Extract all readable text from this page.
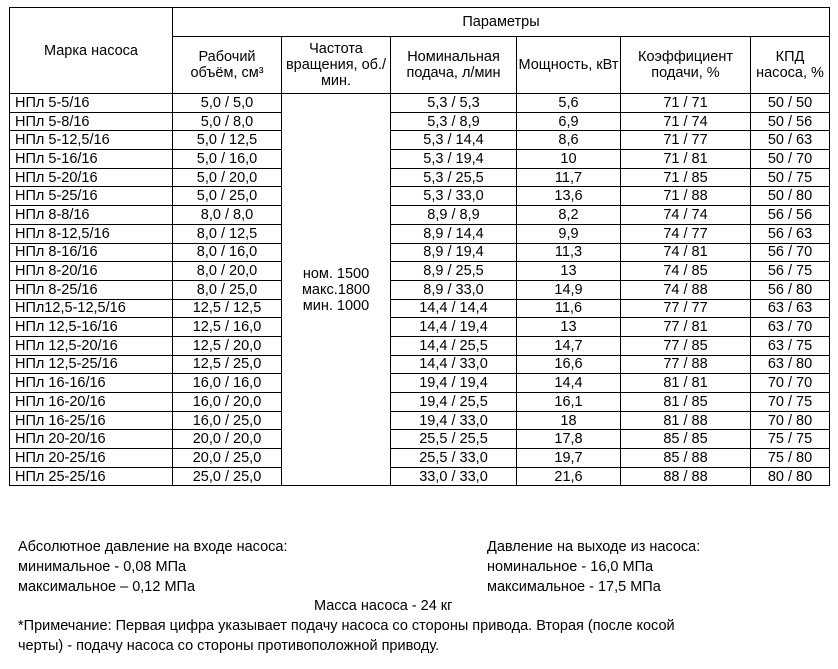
Марка насоса	Параметры					
	Рабочий объём, см³	Частота вращения, об./мин.	Номинальная подача, л/мин	Мощность, кВт	Коэффициент подачи, %	КПД насоса, %
НПл 5-5/16	5,0 / 5,0	ном. 1500
макс.1800
мин. 1000	5,3 / 5,3	5,6	71 / 71	50 / 50
НПл 5-8/16	5,0 / 8,0		5,3 / 8,9	6,9	71 / 74	50 / 56
НПл 5-12,5/16	5,0 / 12,5		5,3 / 14,4	8,6	71 / 77	50 / 63
НПл 5-16/16	5,0 / 16,0		5,3 / 19,4	10	71 / 81	50 / 70
НПл 5-20/16	5,0 / 20,0		5,3 / 25,5	11,7	71 / 85	50 / 75
НПл 5-25/16	5,0 / 25,0		5,3 / 33,0	13,6	71 / 88	50 / 80
НПл 8-8/16	8,0 / 8,0		8,9 / 8,9	8,2	74 / 74	56 / 56
НПл 8-12,5/16	8,0 / 12,5		8,9 / 14,4	9,9	74 / 77	56 / 63
НПл 8-16/16	8,0 / 16,0		8,9 / 19,4	11,3	74 / 81	56 / 70
НПл 8-20/16	8,0 / 20,0		8,9 / 25,5	13	74 / 85	56 / 75
НПл 8-25/16	8,0 / 25,0		8,9 / 33,0	14,9	74 / 88	56 / 80
НПл12,5-12,5/16	12,5 / 12,5		14,4 / 14,4	11,6	77 / 77	63 / 63
НПл 12,5-16/16	12,5 / 16,0		14,4 / 19,4	13	77 / 81	63 / 70
НПл 12,5-20/16	12,5 / 20,0		14,4 / 25,5	14,7	77 / 85	63 / 75
НПл 12,5-25/16	12,5 / 25,0		14,4 / 33,0	16,6	77 / 88	63 / 80
НПл 16-16/16	16,0 / 16,0		19,4 / 19,4	14,4	81 / 81	70 / 70
НПл 16-20/16	16,0 / 20,0		19,4 / 25,5	16,1	81 / 85	70 / 75
НПл 16-25/16	16,0 / 25,0		19,4 / 33,0	18	81 / 88	70 / 80
НПл 20-20/16	20,0 / 20,0		25,5 / 25,5	17,8	85 / 85	75 / 75
НПл 20-25/16	20,0 / 25,0		25,5 / 33,0	19,7	85 / 88	75 / 80
НПл 25-25/16	25,0 / 25,0		33,0 / 33,0	21,6	88 / 88	80 / 80
Абсолютное давление на входе насоса:
минимальное - 0,08 МПа
максимальное – 0,12 МПа
Давление на выходе из насоса:
номинальное - 16,0 МПа
максимальное - 17,5 МПа
Масса насоса - 24 кг
*Примечание: Первая цифра указывает подачу насоса со стороны привода. Вторая (после косой
черты) - подачу насоса со стороны противоположной приводу.
